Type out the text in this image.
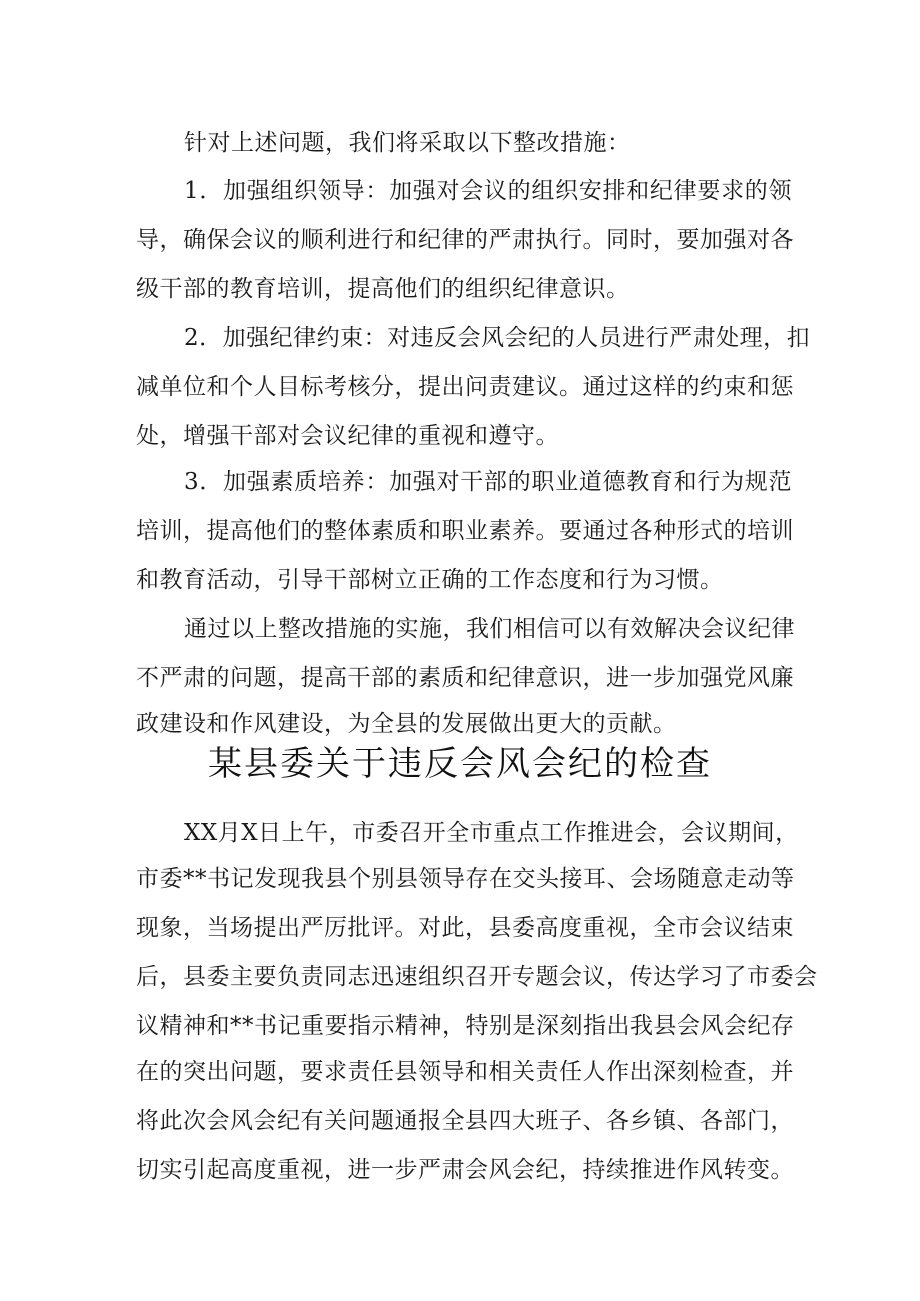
针对上述问题，我们将采取以下整改措施：
1．加强组织领导：加强对会议的组织安排和纪律要求的领
导，确保会议的顺利进行和纪律的严肃执行。同时，要加强对各
级干部的教育培训，提高他们的组织纪律意识。
2．加强纪律约束：对违反会风会纪的人员进行严肃处理，扣
减单位和个人目标考核分，提出问责建议。通过这样的约束和惩
处，增强干部对会议纪律的重视和遵守。
3．加强素质培养：加强对干部的职业道德教育和行为规范
培训，提高他们的整体素质和职业素养。要通过各种形式的培训
和教育活动，引导干部树立正确的工作态度和行为习惯。
通过以上整改措施的实施，我们相信可以有效解决会议纪律
不严肃的问题，提高干部的素质和纪律意识，进一步加强党风廉
政建设和作风建设，为全县的发展做出更大的贡献。
某县委关于违反会风会纪的检查
XX月X日上午，市委召开全市重点工作推进会，会议期间，
市委**书记发现我县个别县领导存在交头接耳、会场随意走动等
现象，当场提出严厉批评。对此，县委高度重视，全市会议结束
后，县委主要负责同志迅速组织召开专题会议，传达学习了市委会
议精神和**书记重要指示精神，特别是深刻指出我县会风会纪存
在的突出问题，要求责任县领导和相关责任人作出深刻检查，并
将此次会风会纪有关问题通报全县四大班子、各乡镇、各部门，
切实引起高度重视，进一步严肃会风会纪，持续推进作风转变。
